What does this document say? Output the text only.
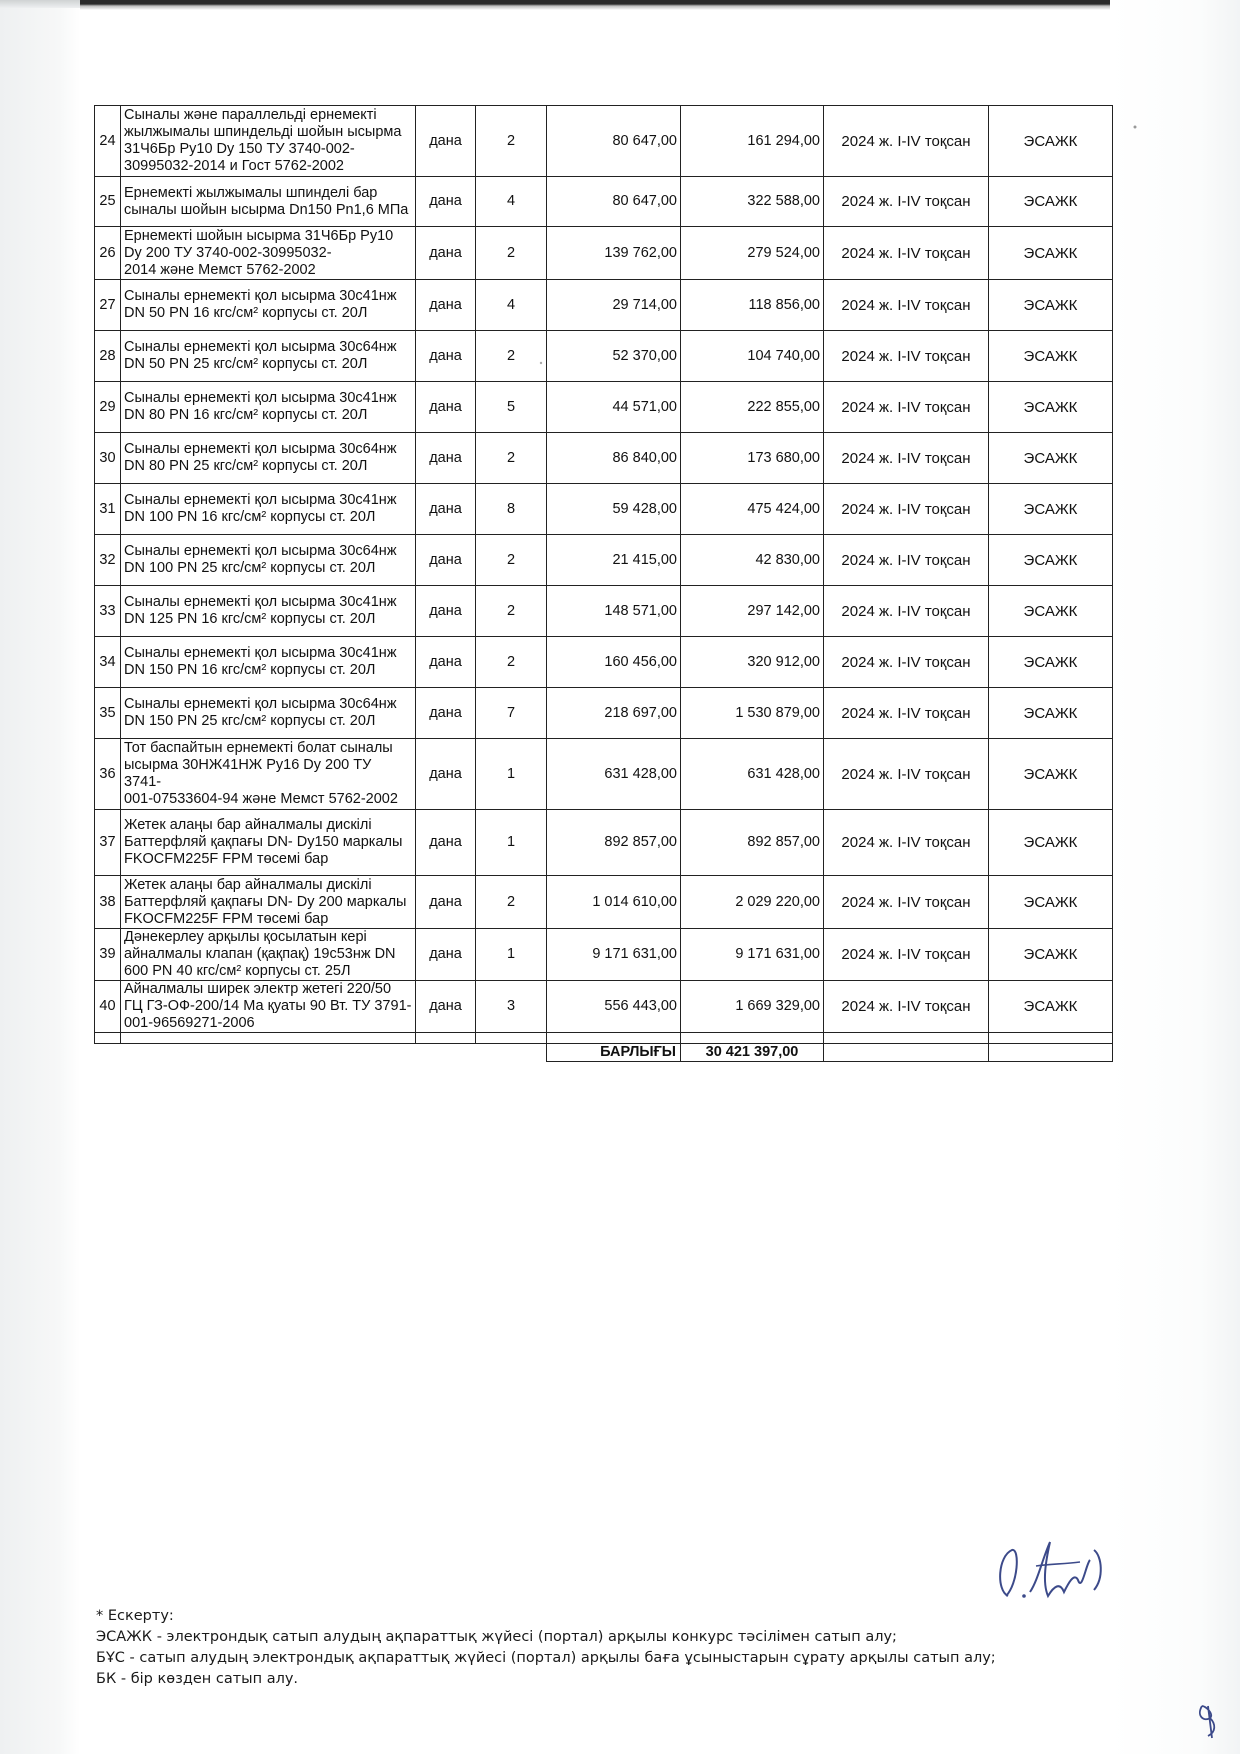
24	Сыналы және параллельді ернемекті
жылжымалы шпиндельді шойын ысырма
31Ч6Бр Ру10 Dy 150 ТУ 3740-002-
30995032-2014 и Гост 5762-2002	дана	2	80 647,00	161 294,00	2024 ж. I-IV тоқсан	ЭСАЖК
25	Ернемекті жылжымалы шпинделі бар
сыналы шойын ысырма Dn150 Pn1,6 МПа	дана	4	80 647,00	322 588,00	2024 ж. I-IV тоқсан	ЭСАЖК
26	Ернемекті шойын ысырма 31Ч6Бр Ру10
Dy 200 ТУ 3740-002-30995032-
2014 және Мемст 5762-2002	дана	2	139 762,00	279 524,00	2024 ж. I-IV тоқсан	ЭСАЖК
27	Сыналы ернемекті қол ысырма 30с41нж
DN 50 PN 16 кгс/см² корпусы ст. 20Л	дана	4	29 714,00	118 856,00	2024 ж. I-IV тоқсан	ЭСАЖК
28	Сыналы ернемекті қол ысырма 30с64нж
DN 50 PN 25 кгс/см² корпусы ст. 20Л	дана	2	52 370,00	104 740,00	2024 ж. I-IV тоқсан	ЭСАЖК
29	Сыналы ернемекті қол ысырма 30с41нж
DN 80 PN 16 кгс/см² корпусы ст. 20Л	дана	5	44 571,00	222 855,00	2024 ж. I-IV тоқсан	ЭСАЖК
30	Сыналы ернемекті қол ысырма 30с64нж
DN 80 PN 25 кгс/см² корпусы ст. 20Л	дана	2	86 840,00	173 680,00	2024 ж. I-IV тоқсан	ЭСАЖК
31	Сыналы ернемекті қол ысырма 30с41нж
DN 100 PN 16 кгс/см² корпусы ст. 20Л	дана	8	59 428,00	475 424,00	2024 ж. I-IV тоқсан	ЭСАЖК
32	Сыналы ернемекті қол ысырма 30с64нж
DN 100 PN 25 кгс/см² корпусы ст. 20Л	дана	2	21 415,00	42 830,00	2024 ж. I-IV тоқсан	ЭСАЖК
33	Сыналы ернемекті қол ысырма 30с41нж
DN 125 PN 16 кгс/см² корпусы ст. 20Л	дана	2	148 571,00	297 142,00	2024 ж. I-IV тоқсан	ЭСАЖК
34	Сыналы ернемекті қол ысырма 30с41нж
DN 150 PN 16 кгс/см² корпусы ст. 20Л	дана	2	160 456,00	320 912,00	2024 ж. I-IV тоқсан	ЭСАЖК
35	Сыналы ернемекті қол ысырма 30с64нж
DN 150 PN 25 кгс/см² корпусы ст. 20Л	дана	7	218 697,00	1 530 879,00	2024 ж. I-IV тоқсан	ЭСАЖК
36	Тот баспайтын ернемекті болат сыналы
ысырма 30НЖ41НЖ Ру16 Dy 200 ТУ 3741-
001-07533604-94 және Мемст 5762-2002	дана	1	631 428,00	631 428,00	2024 ж. I-IV тоқсан	ЭСАЖК
37	Жетек алаңы бар айналмалы дискілі
Баттерфляй қақпағы DN- Dy150 маркалы
FKOCFM225F FPM төсемі бар	дана	1	892 857,00	892 857,00	2024 ж. I-IV тоқсан	ЭСАЖК
38	Жетек алаңы бар айналмалы дискілі
Баттерфляй қақпағы DN- Dy 200 маркалы
FKOCFM225F FPM төсемі бар	дана	2	1 014 610,00	2 029 220,00	2024 ж. I-IV тоқсан	ЭСАЖК
39	Дәнекерлеу арқылы қосылатын кері
айналмалы клапан (қақпақ) 19с53нж DN
600 PN 40 кгс/см² корпусы ст. 25Л	дана	1	9 171 631,00	9 171 631,00	2024 ж. I-IV тоқсан	ЭСАЖК
40	Айналмалы ширек электр жетегі 220/50
ГЦ ГЗ-ОФ-200/14 Ма қуаты 90 Вт. ТУ 3791-
001-96569271-2006	дана	3	556 443,00	1 669 329,00	2024 ж. I-IV тоқсан	ЭСАЖК

				БАРЛЫҒЫ	30 421 397,00		
* Ескерту:
ЭСАЖК - электрондық сатып алудың ақпараттық жүйесі (портал) арқылы конкурс тәсілімен сатып алу;
БҰС - сатып алудың электрондық ақпараттық жүйесі (портал) арқылы баға ұсыныстарын сұрату арқылы сатып алу;
БК - бір көзден сатып алу.
